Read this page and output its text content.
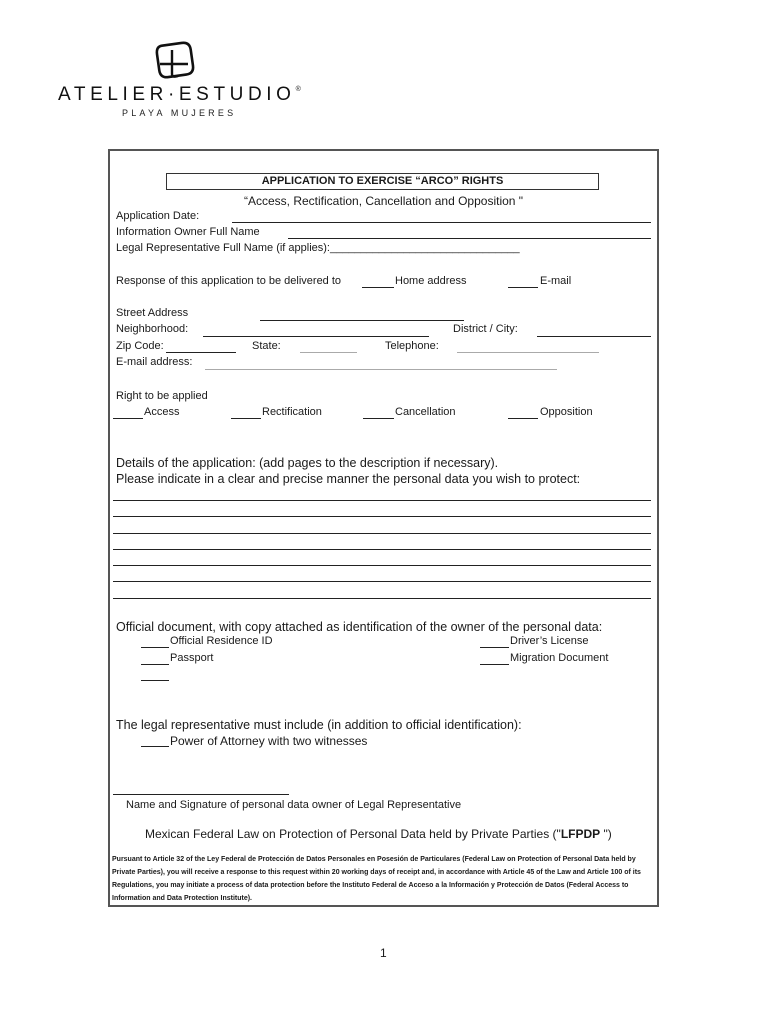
ATELIER·ESTUDIO®
PLAYA MUJERES
APPLICATION TO EXERCISE “ARCO” RIGHTS
“Access, Rectification, Cancellation and Opposition "
Application Date:
Information Owner Full Name
Legal Representative Full Name (if applies):_______________________________
Response of this application to be delivered to	Home address	E-mail
Street Address
Neighborhood:	District / City:
Zip Code:	State:	Telephone:
E-mail address:
Right to be applied
Access	Rectification	Cancellation	Opposition
Details of the application: (add pages to the description if necessary).
Please indicate in a clear and precise manner the personal data you wish to protect:
Official document, with copy attached as identification of the owner of the personal data:
Official Residence ID	Driver’s License
Passport	Migration Document
The legal representative must include (in addition to official identification):
Power of Attorney with two witnesses
Name and Signature of personal data owner of Legal Representative
Mexican Federal Law on Protection of Personal Data held by Private Parties ("LFPDP ")
Pursuant to Article 32 of the Ley Federal de Protección de Datos Personales en Posesión de Particulares (Federal Law on Protection of Personal Data held by Private Parties), you will receive a response to this request within 20 working days of receipt and, in accordance with Article 45 of the Law and Article 100 of its Regulations, you may initiate a process of data protection before the Instituto Federal de Acceso a la Información y Protección de Datos (Federal Access to Information and Data Protection Institute).
1
